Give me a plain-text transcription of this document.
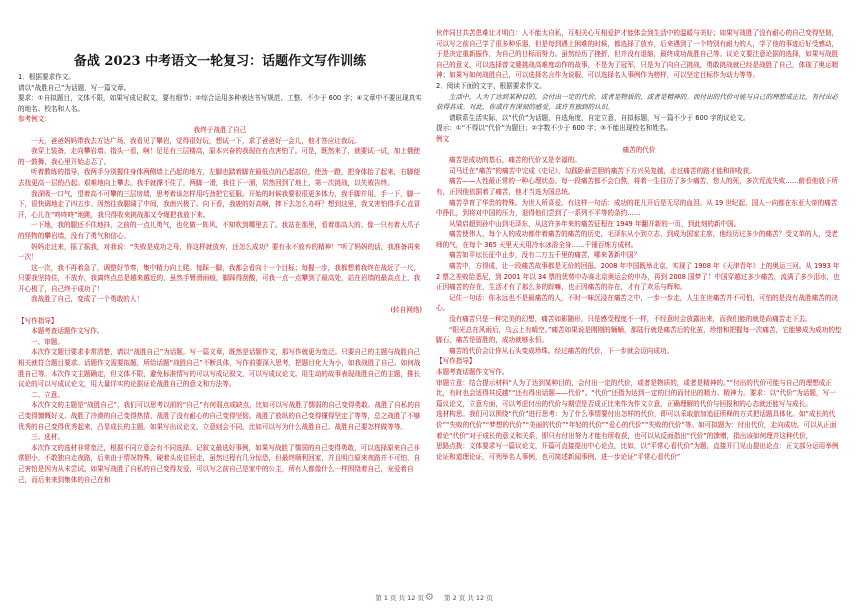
备战 2023 中考语文一轮复习：话题作文写作训练

1．根据要求作文。

请以“战胜自己”为话题，写一篇文章。

要求：①自拟题目，文体不限，如果写成记叙文，要有细节；②综合运用多种表达书写规范、工整、不少于 600 字；④文章中不要出现真实的地名、校名和人名。

参考例文：

我终于战胜了自己

一天，爸爸妈妈带我去方达广场，我看见了攀岩，觉得很好玩，想试一下，求了爸爸好一会儿，他才答应让我玩。

我穿上装备，走向攀岩墙。指头一看，啊！足足有三层楼高，原本兴奋的我现在有点害怕了。可是，既然来了，就要试一试，加上俄使的一鼓舞，我心里开始忐忑了。

听着教练的指导，我两手分别握住身体两侧墙上凸起的地方，左脚也踏着脚在最低点的凸起部位，使劲一蹬，把身体抬了起来，右脚便去找更高一层的凸起。艰难地向上攀去。我手就撑不住了，两脚一滑，我往下一溜，居然回到了地上，第一次挑战，以失败告终。

我深吸一口气，望着高不可攀的三层房墙，思考着该怎样用巧劲把它征服。开始的时候我要很很更多体力，我手脚并用，手一下，脚一下，很快调地走了四五步。因然往我腿阔了中间，我南兴极了。向下看，我鹿的好高啊，摔下去怎么办呀？想到这里，我又害怕得手心直冒汗，心儿在“咚咚咚”地跳，我只得收来挑战那又令绳把我放下来。

一下地，我的腿还不住地抖，之前的一点儿勇气，也化做一阵风，不知吹到哪里去了。我站在那里，看着那高大的、像一只有着大爪子的怪物的攀岩墙，没有了勇气和信心。

妈妈走过来，摇了摇我，对我说：“失败是成功之母，你这样就放弃，还怎么成功？要有永不放弃的精神！”听了妈妈的话，我准备再来一次！

这一次，我不再着急了，调整好节奏，集中精力向上爬。每踩一脚，我都会看向十一个目标；每握一步，我都想着我终在战近了一尺，只要我坚持住，不放弃，我离终点总是越来越近的，虽然手臂滑雨痕，脚踩得刮酸，可我一点一点攀到了最高处，站在岩墙的最高点上，我开心极了，自己终于成功了！

我战胜了自己，变成了一个勇敢的人！

(转自网络)

【写作指导】

本题考查话题作文写作。

一、审题。

本次作文题目要求非常清楚，请以“战胜自己”为话题，写一篇文章，既然是话题作文，那写作就更为宽泛。只要自己的主题与战胜自己相关就符合题目要求。话题作文需要拟题，所给话题“战胜自己”不断具体，写作前要深入思考，把题目化大为小，如我战胜了自己、如何战胜自己等。本次作文主题确定，但文体不限，避免标准情写的可以写成记叙文，可以写成议论文。用生动的故事表现战胜自己的主题，推长议论的可以写成议论文，用大量详实的论据证论战胜自己的意义和方法等。

二、立意。

本次作文的主题是“战胜自己”，我们可以思考以前的“自己”有何弱点或缺点，比如可以写战胜了懦弱的自己变得勇敢、战胜了自私的自己变得慷慨好义、战胜了冷漠的自己变得热情、战胜了没有耐心的自己变得坚韧。战胜了放纵的自己变得懂得坚定了等等，总之战胜了不够优秀的自己变得优秀起来，凸显成长的主题。如果写出议论文，立意则会不同，比如可以写为什么战胜自己、战胜自己要怎样做等等。

三、选材。

本次作文的选材非常宽泛，根据不同立意会有不同选择。记叙文最选好事例，如果写战胜了懦弱的自己变得勇敢，可以选择原来自己非常胆小，不敢独自走夜路，后来由于情况特殊，硬着头皮往回走，虽然过程有几分惊恐，但最终顺利回家，并且明白原来夜路并不可怕，自己害怕是因为从未尝试。如果写战胜了自私的自己变得友爱，可以写之前自己是家中的公主，所有人都像什么一样围绕着自己，宠爱着自己，而后来来到集体的自己在和

第 1 页 共 12 页 ⚙

伙伴同甘共苦患难让才明白：人不能太自私，互相关心互相爱护才能体会到生活中的温暖与美好；如果写战胜了没有耐心的自己变得坚韧，可以写之前自己学了很多种乐器，但是每到遇上困难的时候，都选择了放弃，后来遇到了一个特别有耐力的人，学了他的事迹后好受感动，于是决定重新振作，为自己的目标而努力。虽然经历了挫折，但并没有退缩，最终成功战胜自己等。议论文要注意论据的选择，如果写战胜自己的意义，可以选择曾文婆挑战高难度动作的故事，不是为了冠军，只是为了向自己挑战，勇敢挑战就已经是战胜了自己，体现了奥运精神；如果写如何战胜自己，可以选择名言作为说服，可以选择名人事例作为榜样，可以坚定目标作为动力等等。

2．阅读下面的文字，根据要求作文。

生活中，人为了达到某种目的，会付出一定的代价，或者是物质的，或者是精神的。而付出的代价可能与自己的理想成正比，有付出必获得其成。对此，你或许有深刻的感受，或许有独到的认识。

请联系生活实际，以“代价”为话题，自选角度，自定立意，自拟标题，写一篇不少于 600 字的议论文。

提示：①“不得以“代价”为题目；②字数不少于 600 字；③不能出现校名和姓名。

例文

痛苦的代价

痛苦是成功的基石，痛苦的代价又是幸福的。

司马迁在“痛苦”的痛苦中完成《史记》，勾践卧薪尝胆的痛苦下方兴吴复越，走过痛苦的路才能和抑收获。

痛苦——人性最正常的一种心理状态。每一段痛苦都不会白熬，将着一生往历了多少痛苦，您人的死，多次荒流失败……俯看他放下所有，正因他依据着了痛苦，他才当选为国总统。

痛苦孕育了华贵的特殊。为世人所喜爱。有这样一句话：成功的花儿开后是无尽的血泪。从 19 世纪起，国人一向都在东亚大帝的痛苦中挣扎，到将对中国的压力，退得他们尝到了一系列不平等的条约……

从梁启超到孙中山到毛泽东，从这许多年来的痛苦征程在 1949 年翻开新的一页，到此刻的新中国。

痛苦使伟人，每个人的成功都伴着痛苦的痛苦的历史，毛泽东从小到立志，到成为国家主席，他经历过多少的痛苦？受文革的人，受老师的气，在每个 365 天里天天用冷水冰浴全身……千锤百炼方成材。

痛苦如平坛长征中止步，没有二万五千里的痛苦，哪来著新中国？

痛苦中，方得成，让一段痛苦故事都是无价的回报。2008 年中国既举北京，实现了 1908 年《天津青年》上的奥运三问。从 1993 年 2 票之差败给悉尼，到 2001 年以 34 票的优势申办赛北京奥运会的申办，再到 2008 国梦了！中国穿越过多少痛苦，流满了多少泪水，也正因痛苦的存在，生活才有了那么多的踪嘛，也正因痛苦的存在，才有了欢乐与辉和。

记住一句话：你永远也不是最痛苦的人，不时一味沉浸在痛苦之中，一步一步走，人生在世痛苦并不可怕，可怕的是没有战胜痛苦的决心。

没有痛苦只是一种完美的幻想，痛苦如影随形，只是感受程度不一样，不经意时会放露出来，而我们能的就是尚痛苦走下去。

“阳光总在风雨后，乌云上有晴空。”痛苦如果说是刚刚的蛹蛹，那陆行就是痛苦后的化茧，珍惜和把握每一次痛苦，它能够成为成功的垫脚石，痛苦是留胜的，成功就够永恒。

痛苦的代价会让你从石头变成珍珠。经过痛苦的代价，下一步就会迈向成功。

【写作指导】

本题考查话题作文写作。

审题立意：结合提示材料“人为了达到某种目的，会付出一定的代价，或者是物质的，或者是精神的。”“付出的代价可能与自己的理想成正比，有时也会适得其反越”“还有得出话题——代价”。“代价”还指为达到一定的目的而付出的精力、精神力。要求：以“代价”为话题，写一篇议论文，立意方面，可以考虑付出的代价与期望是否成正比来作为作文立意，正确理解的代价与回报和的心态就还能写与成长。

选材构思。我们可以围绕“代价”进行思考：为了什么事情要付出怎样的代价，即可以采取旅加追征所释的方式把话题具体化。如“成长的代价”“失败的代价”“梦想的代价”“美丽的代价”“年轻的代价”“爱心的代价”“失败的代价”等。如可拟题为：付出代价，走向成功。可以从正面着论“代价”对于成长的意义和关系，即只有付出努力才能有所收获，也可以从反面指出“代价”的馈赠，指出该如何理并这种代价，

思路点拨：文体要求写一篇议论文，开篇可直接提出中心论点，比如，以“平常心看代价”为题，直接开门见山提出论点：正文部分运用举例论证和道理论证，可列举名人事例，也可简述新闻事例，进一步论证“平常心看代价”

第 2 页 共 12 页
